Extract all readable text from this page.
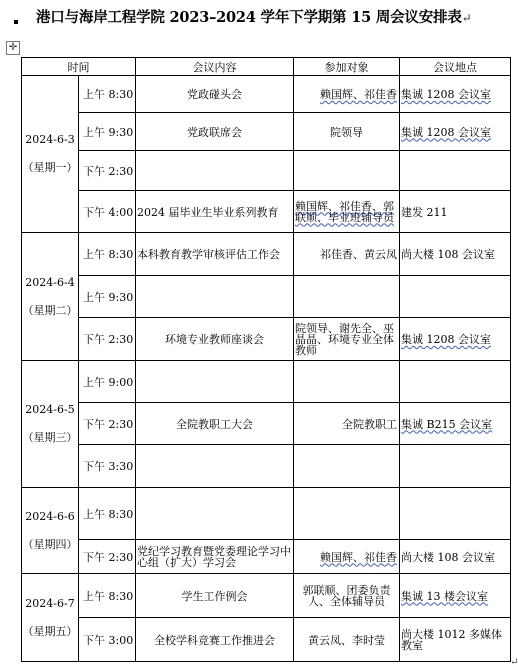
港口与海岸工程学院 2023–2024 学年下学期第 15 周会议安排表↵
✛
时间		会议内容	参加对象	会议地点

2024-6-3
（星期一）	上午 8:30	党政碰头会	赖国辉、祁佳香	集诚 1208 会议室
	上午 9:30	党政联席会	院领导	集诚 1208 会议室
	下午 2:30			
	下午 4:00	2024 届毕业生毕业系列教育	赖国辉、祁佳香、郭联顺、毕业班辅导员	建发 211

2024-6-4
（星期二）	上午 8:30	本科教育教学审核评估工作会	祁佳香、黄云凤	尚大楼 108 会议室
	上午 9:30			
	下午 2:30	环境专业教师座谈会	院领导、谢先全、巫晶晶、环境专业全体教师	集诚 1208 会议室

2024-6-5
（星期三）	上午 9:00			
	下午 2:30	全院教职工大会	全院教职工	集诚 B215 会议室
	下午 3:30			

2024-6-6
（星期四）	上午 8:30			
	下午 2:30	党纪学习教育暨党委理论学习中心组（扩大）学习会	赖国辉、祁佳香	尚大楼 108 会议室

2024-6-7
（星期五）	上午 8:30	学生工作例会	郭联顺、团委负责人、全体辅导员	集诚 13 楼会议室
	下午 3:00	全校学科竞赛工作推进会	黄云凤、李时莹	尚大楼 1012 多媒体教室
↵
